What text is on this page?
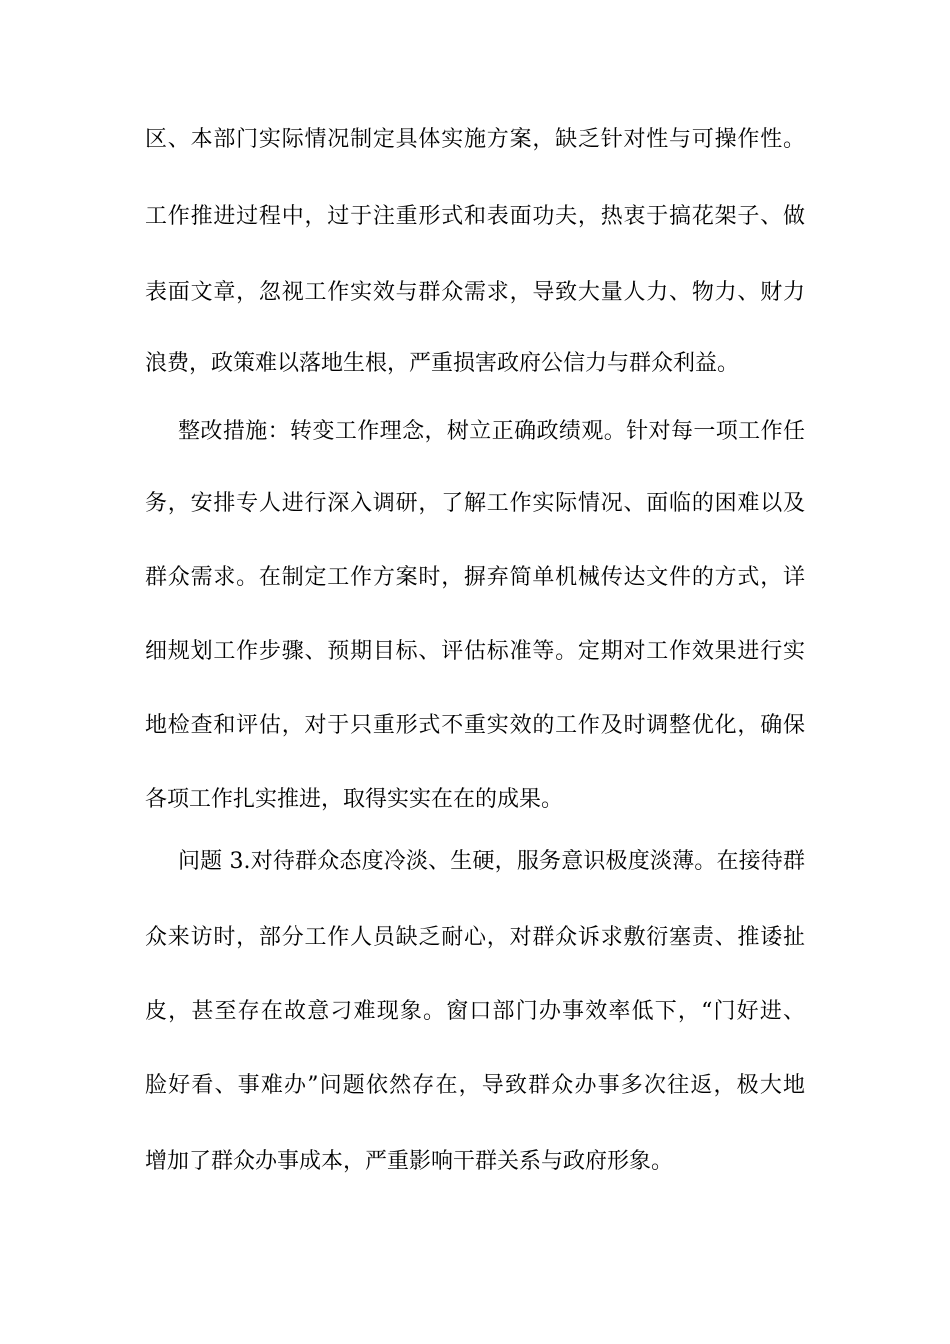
区、本部门实际情况制定具体实施方案，缺乏针对性与可操作性。
工作推进过程中，过于注重形式和表面功夫，热衷于搞花架子、做
表面文章，忽视工作实效与群众需求，导致大量人力、物力、财力
浪费，政策难以落地生根，严重损害政府公信力与群众利益。
整改措施：转变工作理念，树立正确政绩观。针对每一项工作任
务，安排专人进行深入调研，了解工作实际情况、面临的困难以及
群众需求。在制定工作方案时，摒弃简单机械传达文件的方式，详
细规划工作步骤、预期目标、评估标准等。定期对工作效果进行实
地检查和评估，对于只重形式不重实效的工作及时调整优化，确保
各项工作扎实推进，取得实实在在的成果。
问题 3.对待群众态度冷淡、生硬，服务意识极度淡薄。在接待群
众来访时，部分工作人员缺乏耐心，对群众诉求敷衍塞责、推诿扯
皮，甚至存在故意刁难现象。窗口部门办事效率低下，“门好进、
脸好看、事难办”问题依然存在，导致群众办事多次往返，极大地
增加了群众办事成本，严重影响干群关系与政府形象。
